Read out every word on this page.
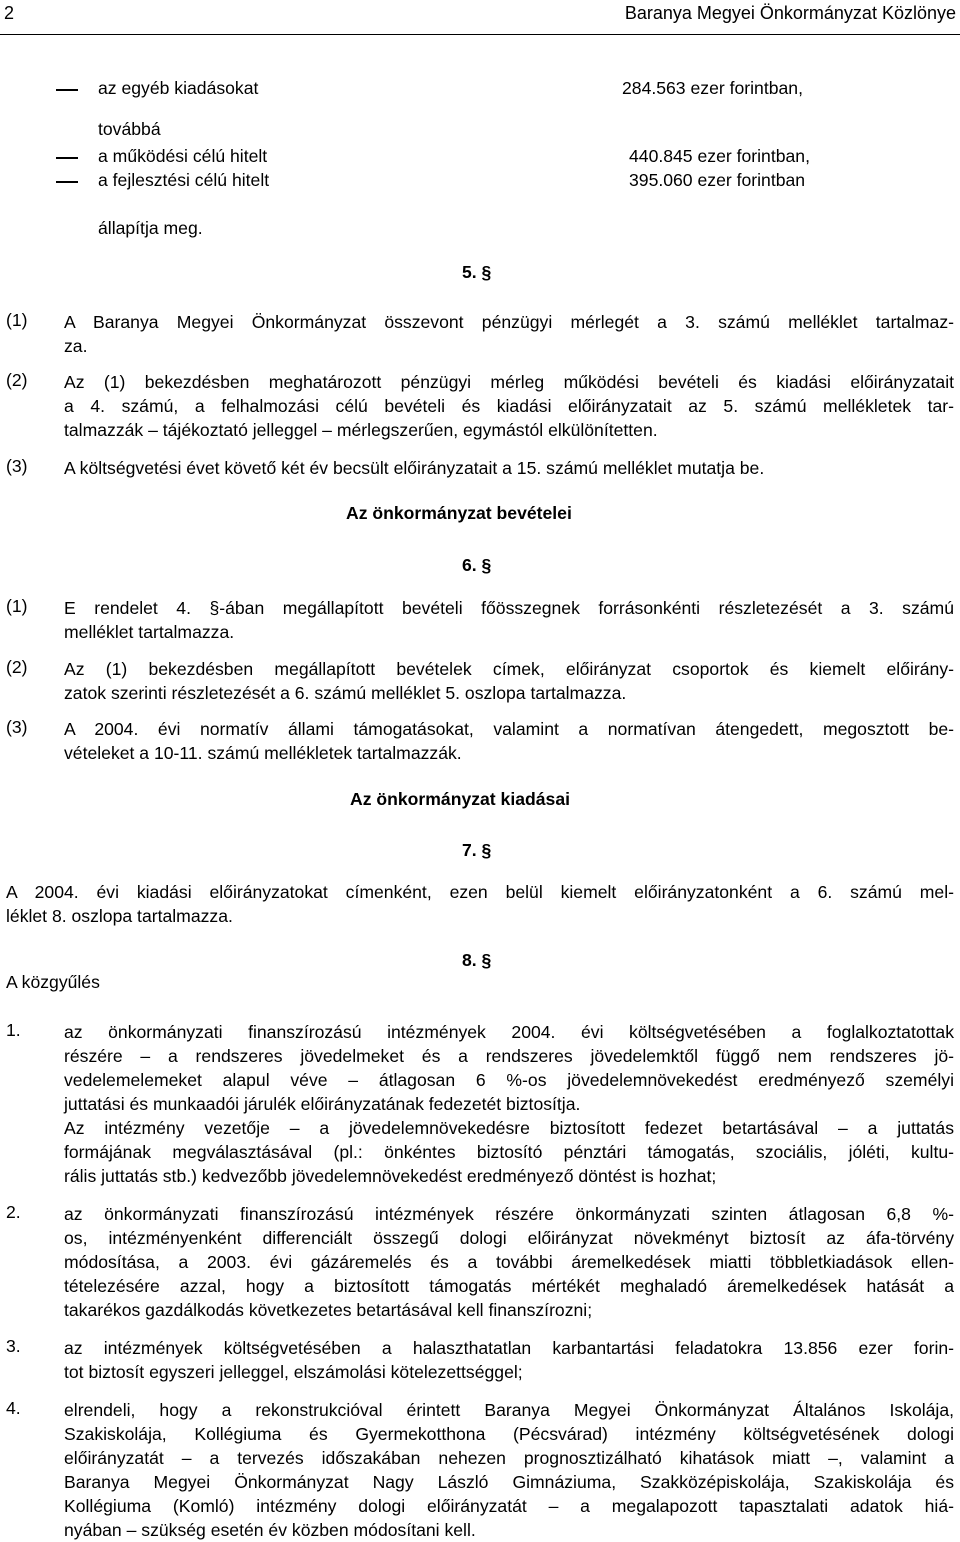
2	Baranya Megyei Önkormányzat Közlönye
az egyéb kiadásokat	284.563 ezer forintban,
továbbá
a működési célú hitelt	440.845 ezer forintban,
a fejlesztési célú hitelt	395.060 ezer forintban
állapítja meg.
5. §
(1) A Baranya Megyei Önkormányzat összevont pénzügyi mérlegét a 3. számú melléklet tartalmaz-
za.
(2) Az (1) bekezdésben meghatározott pénzügyi mérleg működési bevételi és kiadási előirányzatait
a 4. számú, a felhalmozási célú bevételi és kiadási előirányzatait az 5. számú mellékletek tar-
talmazzák – tájékoztató jelleggel – mérlegszerűen, egymástól elkülönítetten.
(3) A költségvetési évet követő két év becsült előirányzatait a 15. számú melléklet mutatja be.
Az önkormányzat bevételei
6. §
(1) E rendelet 4. §-ában megállapított bevételi főösszegnek forrásonkénti részletezését a 3. számú
melléklet tartalmazza.
(2) Az (1) bekezdésben megállapított bevételek címek, előirányzat csoportok és kiemelt előirány-
zatok szerinti részletezését a 6. számú melléklet 5. oszlopa tartalmazza.
(3) A 2004. évi normatív állami támogatásokat, valamint a normatívan átengedett, megosztott be-
vételeket a 10-11. számú mellékletek tartalmazzák.
Az önkormányzat kiadásai
7. §
A 2004. évi kiadási előirányzatokat címenként, ezen belül kiemelt előirányzatonként a 6. számú mel-
léklet 8. oszlopa tartalmazza.
8. §
A közgyűlés
1. az önkormányzati finanszírozású intézmények 2004. évi költségvetésében a foglalkoztatottak
részére – a rendszeres jövedelmeket és a rendszeres jövedelemktől függő nem rendszeres jö-
vedelemelemeket alapul véve – átlagosan 6 %-os jövedelemnövekedést eredményező személyi
juttatási és munkaadói járulék előirányzatának fedezetét biztosítja.
Az intézmény vezetője – a jövedelemnövekedésre biztosított fedezet betartásával – a juttatás
formájának megválasztásával (pl.: önkéntes biztosító pénztári támogatás, szociális, jóléti, kultu-
rális juttatás stb.) kedvezőbb jövedelemnövekedést eredményező döntést is hozhat;
2. az önkormányzati finanszírozású intézmények részére önkormányzati szinten átlagosan 6,8 %-
os, intézményenként differenciált összegű dologi előirányzat növekményt biztosít az áfa-törvény
módosítása, a 2003. évi gázáremelés és a további áremelkedések miatti többletkiadások ellen-
tételezésére azzal, hogy a biztosított támogatás mértékét meghaladó áremelkedések hatását a
takarékos gazdálkodás következetes betartásával kell finanszírozni;
3. az intézmények költségvetésében a halaszthatatlan karbantartási feladatokra 13.856 ezer forin-
tot biztosít egyszeri jelleggel, elszámolási kötelezettséggel;
4. elrendeli, hogy a rekonstrukcióval érintett Baranya Megyei Önkormányzat Általános Iskolája,
Szakiskolája, Kollégiuma és Gyermekotthona (Pécsvárad) intézmény költségvetésének dologi
előirányzatát – a tervezés időszakában nehezen prognosztizálható kihatások miatt –, valamint a
Baranya Megyei Önkormányzat Nagy László Gimnáziuma, Szakközépiskolája, Szakiskolája és
Kollégiuma (Komló) intézmény dologi előirányzatát – a megalapozott tapasztalati adatok hiá-
nyában – szükség esetén év közben módosítani kell.
